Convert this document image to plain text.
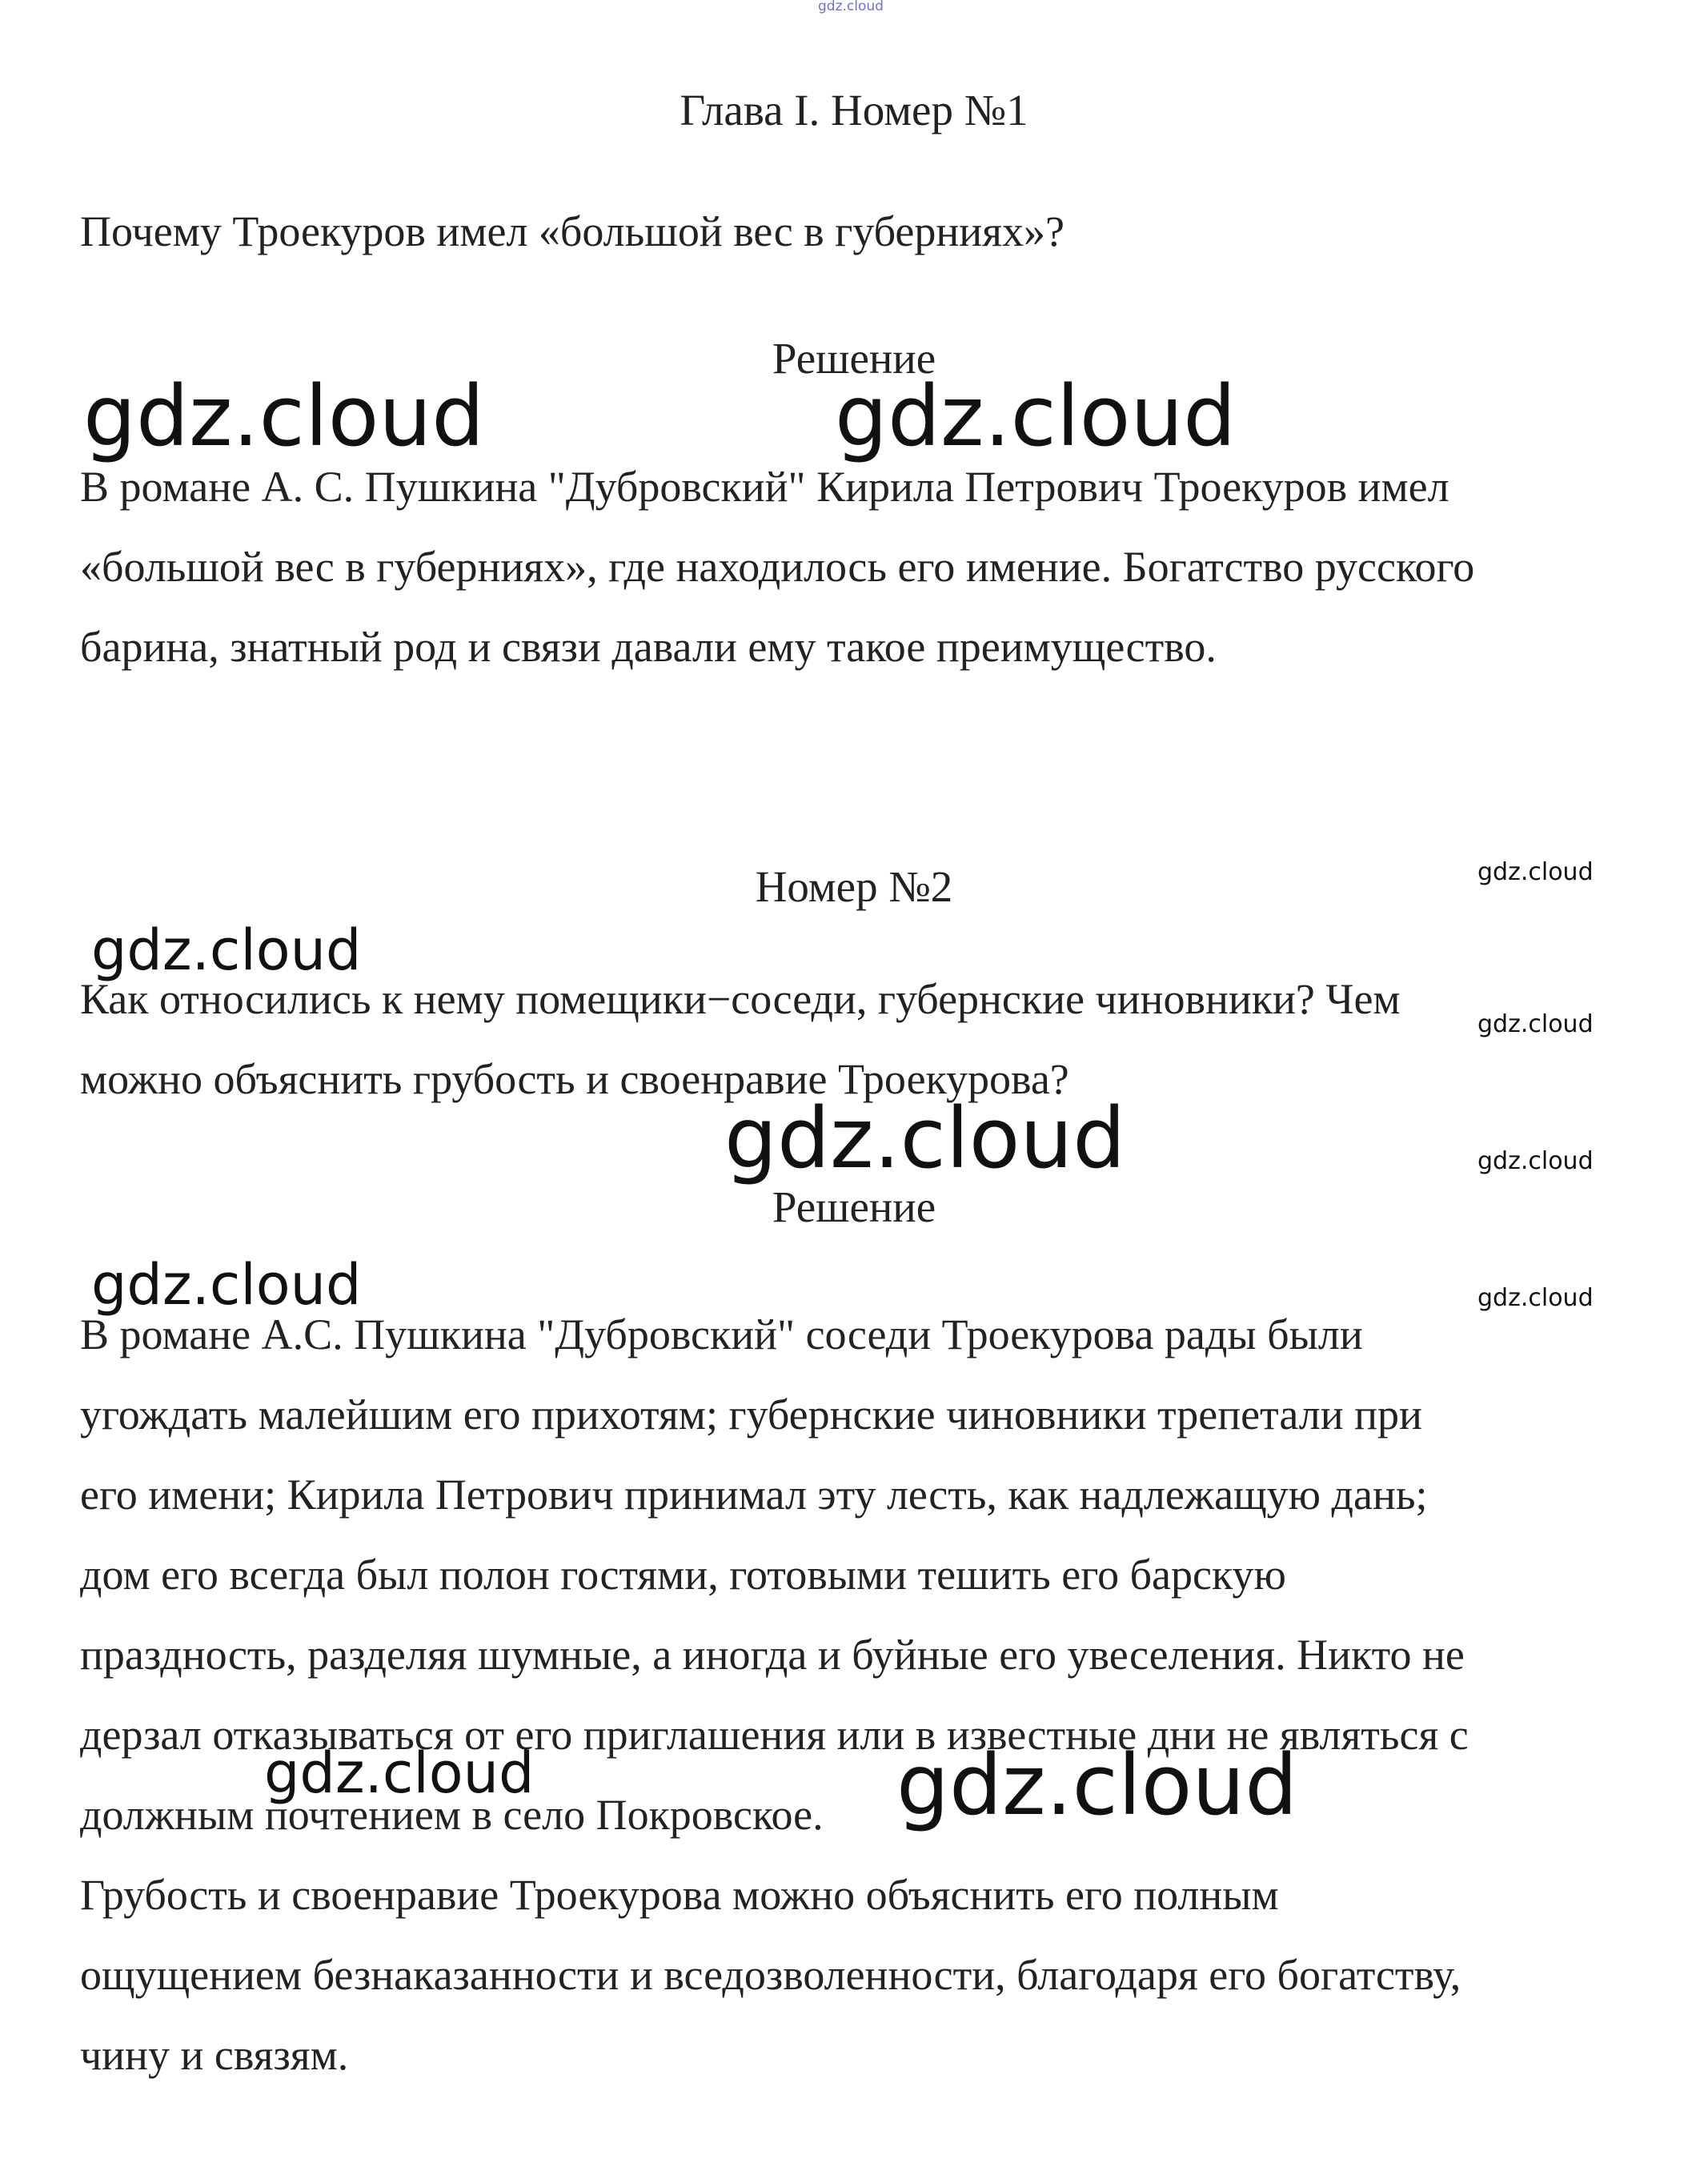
gdz.cloud
Глава I. Номер №1
Почему Троекуров имел «большой вес в губерниях»?
Решение
В романе А. С. Пушкина "Дубровский" Кирила Петрович Троекуров имел
«большой вес в губерниях», где находилось его имение. Богатство русского
барина, знатный род и связи давали ему такое преимущество.
Номер №2
Как относились к нему помещики−соседи, губернские чиновники? Чем
можно объяснить грубость и своенравие Троекурова?
Решение
В романе А.С. Пушкина "Дубровский" соседи Троекурова рады были
угождать малейшим его прихотям; губернские чиновники трепетали при
его имени; Кирила Петрович принимал эту лесть, как надлежащую дань;
дом его всегда был полон гостями, готовыми тешить его барскую
праздность, разделяя шумные, а иногда и буйные его увеселения. Никто не
дерзал отказываться от его приглашения или в известные дни не являться с
должным почтением в село Покровское.
Грубость и своенравие Троекурова можно объяснить его полным
ощущением безнаказанности и вседозволенности, благодаря его богатству,
чину и связям.
gdz.cloud	gdz.cloud
gdz.cloud
gdz.cloud
gdz.cloud
gdz.cloud	gdz.cloud
gdz.cloud	gdz.cloud
gdz.cloud	gdz.cloud
